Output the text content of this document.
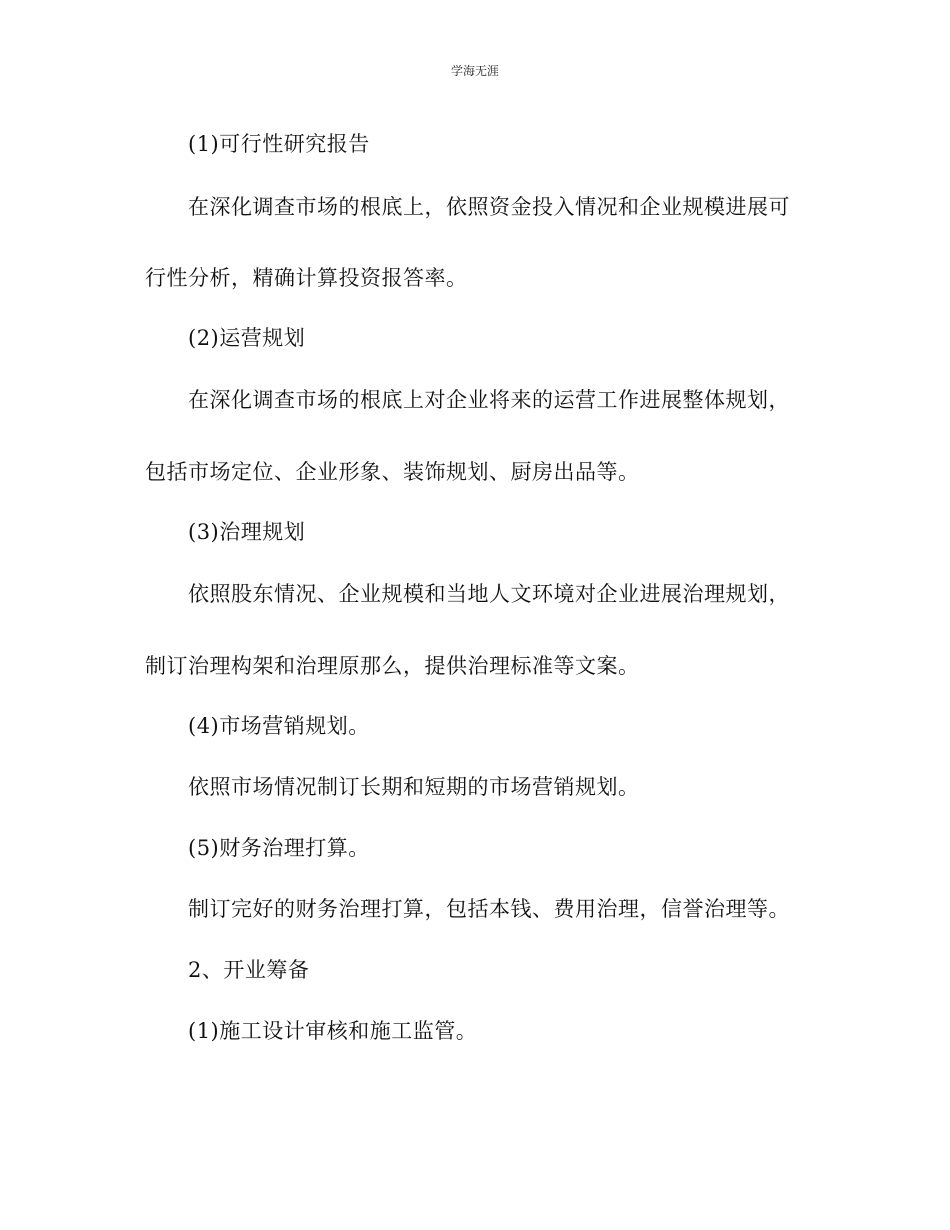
学海无涯
(1)可行性研究报告
在深化调查市场的根底上，依照资金投入情况和企业规模进展可
行性分析，精确计算投资报答率。
(2)运营规划
在深化调查市场的根底上对企业将来的运营工作进展整体规划，
包括市场定位、企业形象、装饰规划、厨房出品等。
(3)治理规划
依照股东情况、企业规模和当地人文环境对企业进展治理规划，
制订治理构架和治理原那么，提供治理标准等文案。
(4)市场营销规划。
依照市场情况制订长期和短期的市场营销规划。
(5)财务治理打算。
制订完好的财务治理打算，包括本钱、费用治理，信誉治理等。
2、开业筹备
(1)施工设计审核和施工监管。
